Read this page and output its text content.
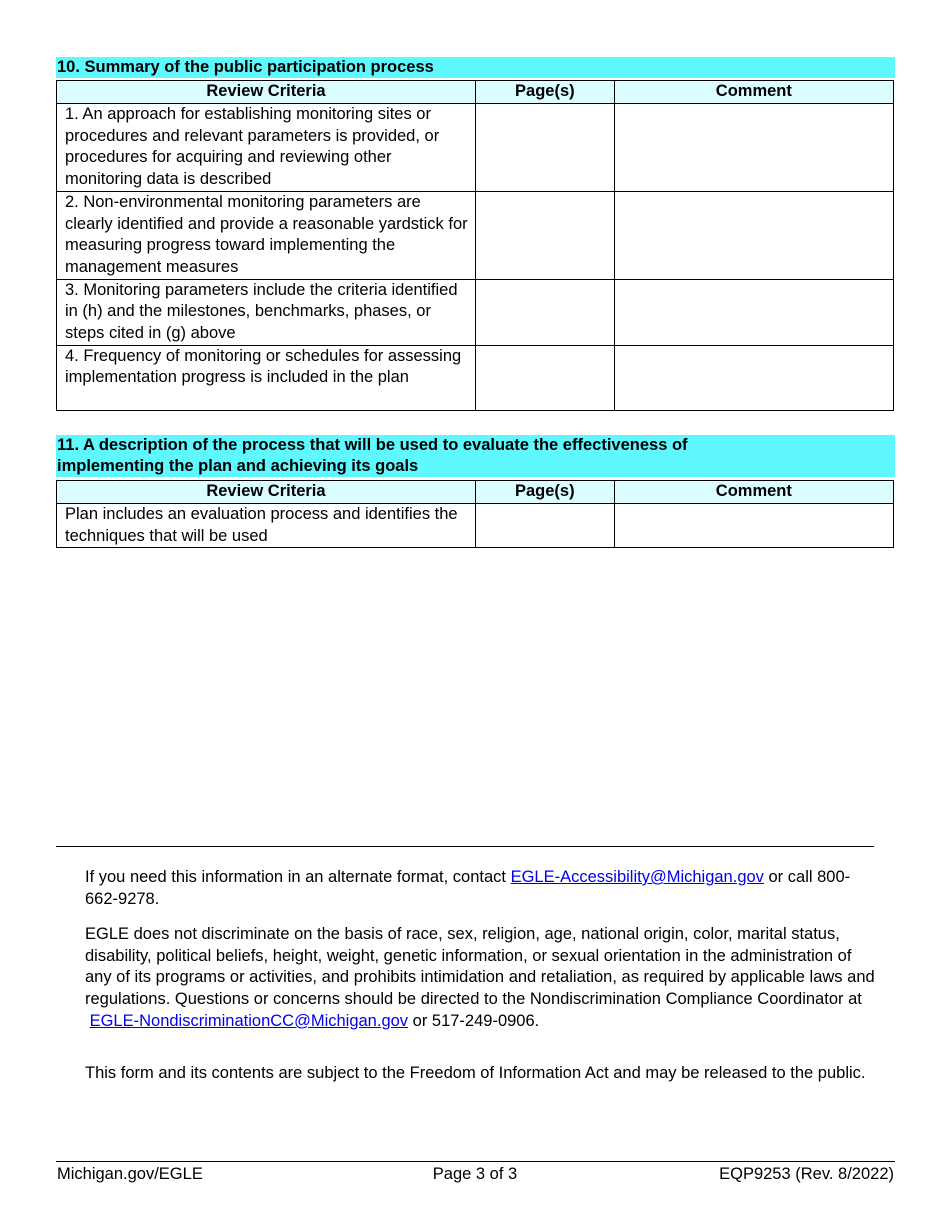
10. Summary of the public participation process
Review Criteria	Page(s)	Comment
1. An approach for establishing monitoring sites or procedures and relevant parameters is provided, or procedures for acquiring and reviewing other monitoring data is described		
2. Non-environmental monitoring parameters are clearly identified and provide a reasonable yardstick for measuring progress toward implementing the management measures		
3. Monitoring parameters include the criteria identified in (h) and the milestones, benchmarks, phases, or steps cited in (g) above		
4. Frequency of monitoring or schedules for assessing implementation progress is included in the plan		
11. A description of the process that will be used to evaluate the effectiveness of
implementing the plan and achieving its goals
Review Criteria	Page(s)	Comment
Plan includes an evaluation process and identifies the techniques that will be used		

If you need this information in an alternate format, contact EGLE-Accessibility@Michigan.gov or call 800-662-9278.

EGLE does not discriminate on the basis of race, sex, religion, age, national origin, color, marital status, disability, political beliefs, height, weight, genetic information, or sexual orientation in the administration of any of its programs or activities, and prohibits intimidation and retaliation, as required by applicable laws and regulations. Questions or concerns should be directed to the Nondiscrimination Compliance Coordinator at
EGLE-NondiscriminationCC@Michigan.gov or 517-249-0906.

This form and its contents are subject to the Freedom of Information Act and may be released to the public.

Michigan.gov/EGLE	Page 3 of 3	EQP9253 (Rev. 8/2022)
